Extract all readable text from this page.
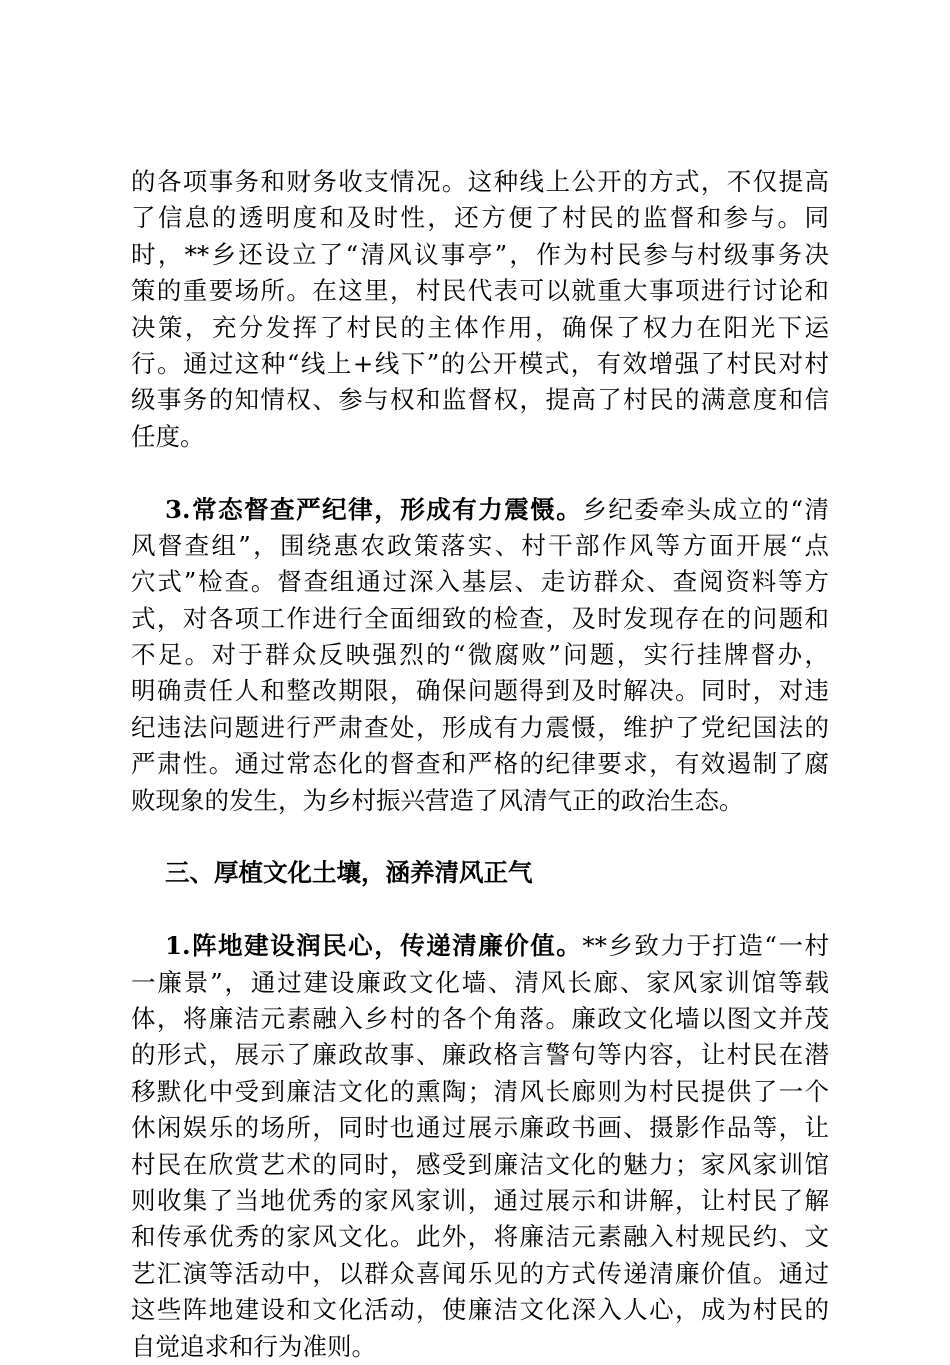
的各项事务和财务收支情况。这种线上公开的方式，不仅提高
了信息的透明度和及时性，还方便了村民的监督和参与。同
时，**乡还设立了“清风议事亭”，作为村民参与村级事务决
策的重要场所。在这里，村民代表可以就重大事项进行讨论和
决策，充分发挥了村民的主体作用，确保了权力在阳光下运
行。通过这种“线上+线下”的公开模式，有效增强了村民对村
级事务的知情权、参与权和监督权，提高了村民的满意度和信
任度。
3.常态督查严纪律，形成有力震慑。乡纪委牵头成立的“清
风督查组”，围绕惠农政策落实、村干部作风等方面开展“点
穴式”检查。督查组通过深入基层、走访群众、查阅资料等方
式，对各项工作进行全面细致的检查，及时发现存在的问题和
不足。对于群众反映强烈的“微腐败”问题，实行挂牌督办，
明确责任人和整改期限，确保问题得到及时解决。同时，对违
纪违法问题进行严肃查处，形成有力震慑，维护了党纪国法的
严肃性。通过常态化的督查和严格的纪律要求，有效遏制了腐
败现象的发生，为乡村振兴营造了风清气正的政治生态。
三、厚植文化土壤，涵养清风正气
1.阵地建设润民心，传递清廉价值。**乡致力于打造“一村
一廉景”，通过建设廉政文化墙、清风长廊、家风家训馆等载
体，将廉洁元素融入乡村的各个角落。廉政文化墙以图文并茂
的形式，展示了廉政故事、廉政格言警句等内容，让村民在潜
移默化中受到廉洁文化的熏陶；清风长廊则为村民提供了一个
休闲娱乐的场所，同时也通过展示廉政书画、摄影作品等，让
村民在欣赏艺术的同时，感受到廉洁文化的魅力；家风家训馆
则收集了当地优秀的家风家训，通过展示和讲解，让村民了解
和传承优秀的家风文化。此外，将廉洁元素融入村规民约、文
艺汇演等活动中，以群众喜闻乐见的方式传递清廉价值。通过
这些阵地建设和文化活动，使廉洁文化深入人心，成为村民的
自觉追求和行为准则。
